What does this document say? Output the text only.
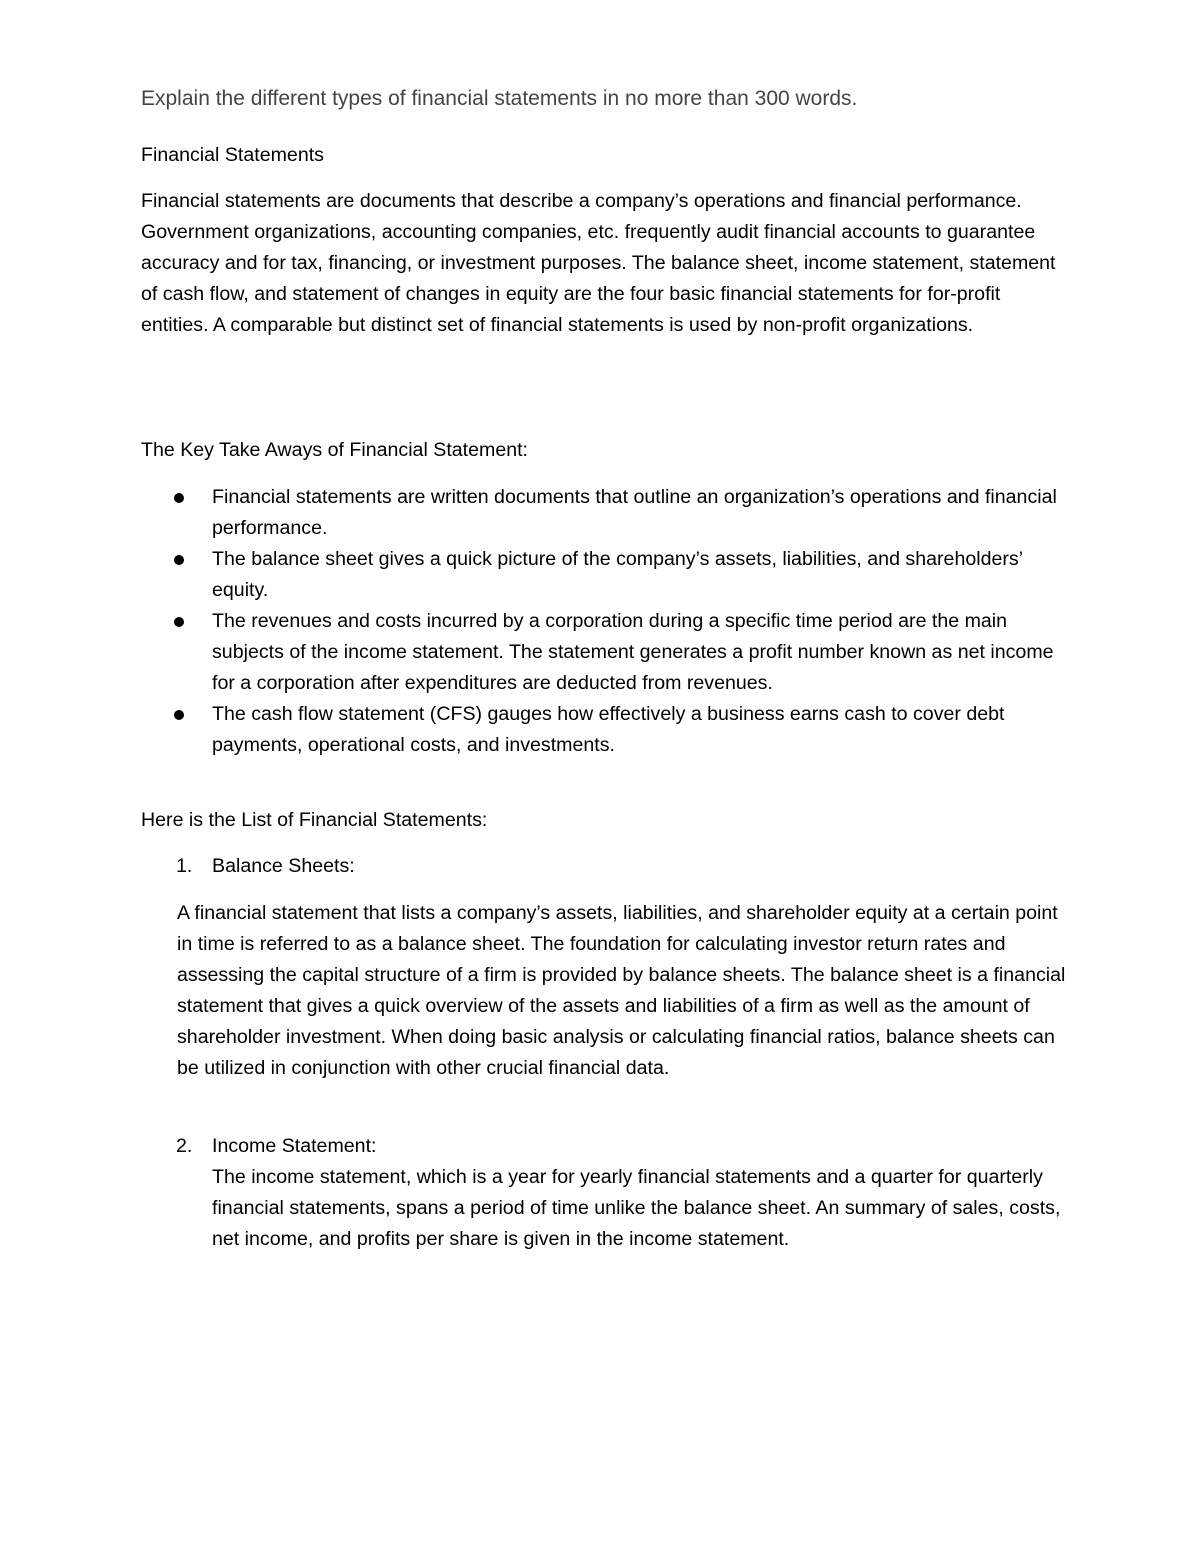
Explain the different types of financial statements in no more than 300 words.
Financial Statements
Financial statements are documents that describe a company’s operations and financial performance. Government organizations, accounting companies, etc. frequently audit financial accounts to guarantee accuracy and for tax, financing, or investment purposes. The balance sheet, income statement, statement of cash flow, and statement of changes in equity are the four basic financial statements for for-profit entities. A comparable but distinct set of financial statements is used by non-profit organizations.
The Key Take Aways of Financial Statement:
Financial statements are written documents that outline an organization’s operations and financial performance.
The balance sheet gives a quick picture of the company’s assets, liabilities, and shareholders’ equity.
The revenues and costs incurred by a corporation during a specific time period are the main subjects of the income statement. The statement generates a profit number known as net income for a corporation after expenditures are deducted from revenues.
The cash flow statement (CFS) gauges how effectively a business earns cash to cover debt payments, operational costs, and investments.
Here is the List of Financial Statements:
1. Balance Sheets:
A financial statement that lists a company’s assets, liabilities, and shareholder equity at a certain point in time is referred to as a balance sheet. The foundation for calculating investor return rates and assessing the capital structure of a firm is provided by balance sheets. The balance sheet is a financial statement that gives a quick overview of the assets and liabilities of a firm as well as the amount of shareholder investment. When doing basic analysis or calculating financial ratios, balance sheets can be utilized in conjunction with other crucial financial data.
2. Income Statement:
The income statement, which is a year for yearly financial statements and a quarter for quarterly financial statements, spans a period of time unlike the balance sheet. An summary of sales, costs, net income, and profits per share is given in the income statement.
